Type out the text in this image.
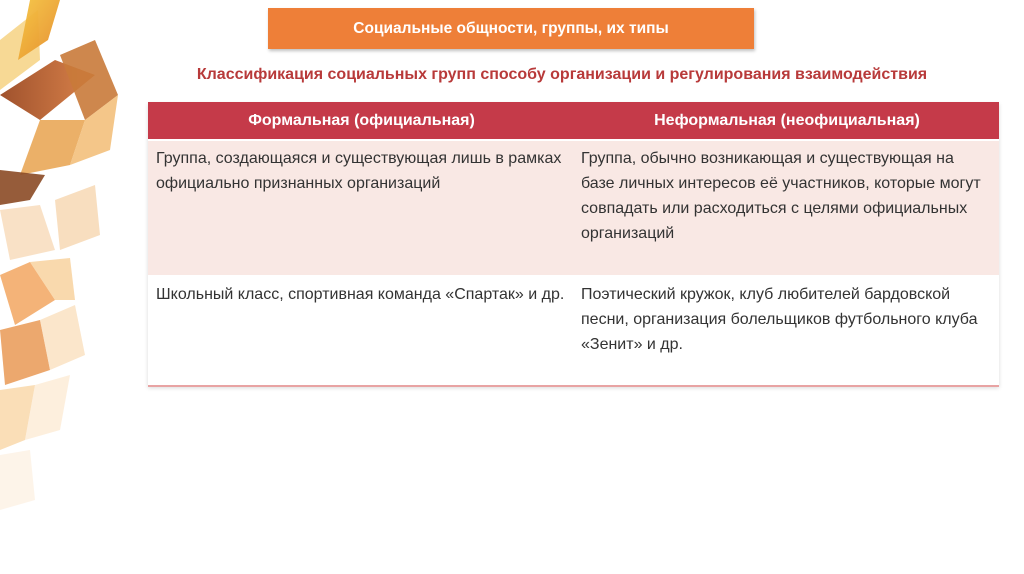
Социальные общности, группы, их типы
Классификация социальных групп способу организации и регулирования взаимодействия
Формальная (официальная)	Неформальная (неофициальная)
Группа, создающаяся и существующая лишь в рамках официально признанных организаций	Группа, обычно возникающая и существующая на базе личных интересов её участников, которые могут совпадать или расходиться с целями официальных организаций
Школьный класс, спортивная команда «Спартак» и др.	Поэтический кружок, клуб любителей бардовской песни, организация болельщиков футбольного клуба «Зенит» и др.
